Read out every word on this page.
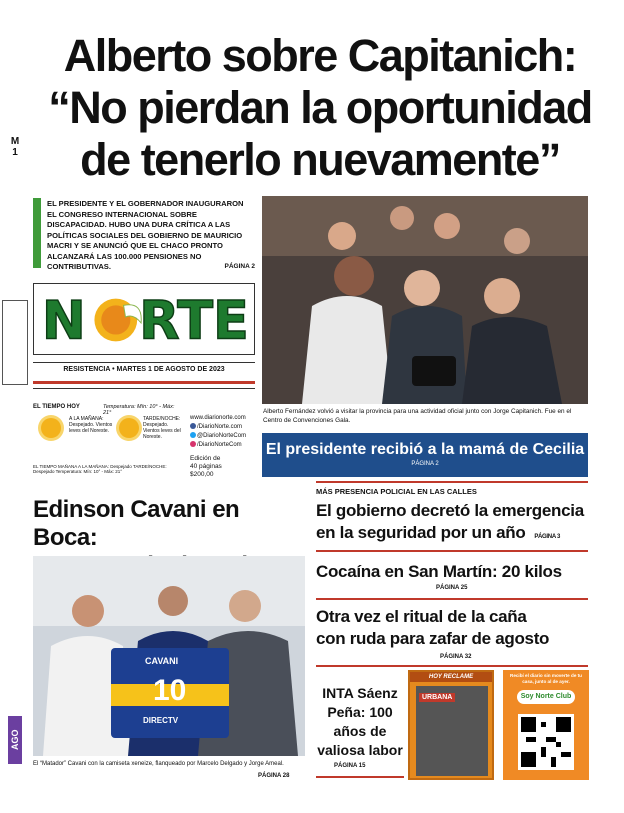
Alberto sobre Capitanich:
“No pierdan la oportunidad
de tenerlo nuevamente”
M 1
EL PRESIDENTE Y EL GOBERNADOR INAUGURARON EL CONGRESO INTERNACIONAL SOBRE DISCAPACIDAD. HUBO UNA DURA CRÍTICA A LAS POLÍTICAS SOCIALES DEL GOBIERNO DE MAURICIO MACRI Y SE ANUNCIÓ QUE EL CHACO PRONTO ALCANZARÁ LAS 100.000 PENSIONES NO CONTRIBUTIVAS.	PÁGINA 2
N RTE
RESISTENCIA • MARTES 1 DE AGOSTO DE 2023
EL TIEMPO HOY	Temperatura: Mín: 10° - Máx: 21°
A LA MAÑANA: Despejado. Vientos leves del Noreste.
TARDE/NOCHE: Despejado. Vientos leves del Noreste.
EL TIEMPO MAÑANA A LA MAÑANA: Despejado TARDE/NOCHE: Despejado Temperatura: Mín: 10° - Máx: 21°
www.diarionorte.com
/DiarioNorte.com
@DiarioNorteCom
/DiarioNorteCom
Edición de
40 páginas
$200,00
Alberto Fernández volvió a visitar la provincia para una actividad oficial junto con Jorge Capitanich. Fue en el Centro de Convenciones Gala.
El presidente recibió a la mamá de Cecilia
PÁGINA 2
Edinson Cavani en Boca:
CAVANI
10
DIRECTV
El “Matador” Cavani con la camiseta xeneize, flanqueado por Marcelo Delgado y Jorge Ameal.
PÁGINA 28
AGO
MÁS PRESENCIA POLICIAL EN LAS CALLES
El gobierno decretó la emergencia
en la seguridad por un año PÁGINA 3
Cocaína en San Martín: 20 kilos
PÁGINA 25
Otra vez el ritual de la caña
con ruda para zafar de agosto
PÁGINA 32
INTA Sáenz
Peña: 100
años de
valiosa labor
PÁGINA 15
HOY RECLAME
URBANA
Recibí el diario sin moverte de tu casa, junto al de ayer.
Soy Norte Club
